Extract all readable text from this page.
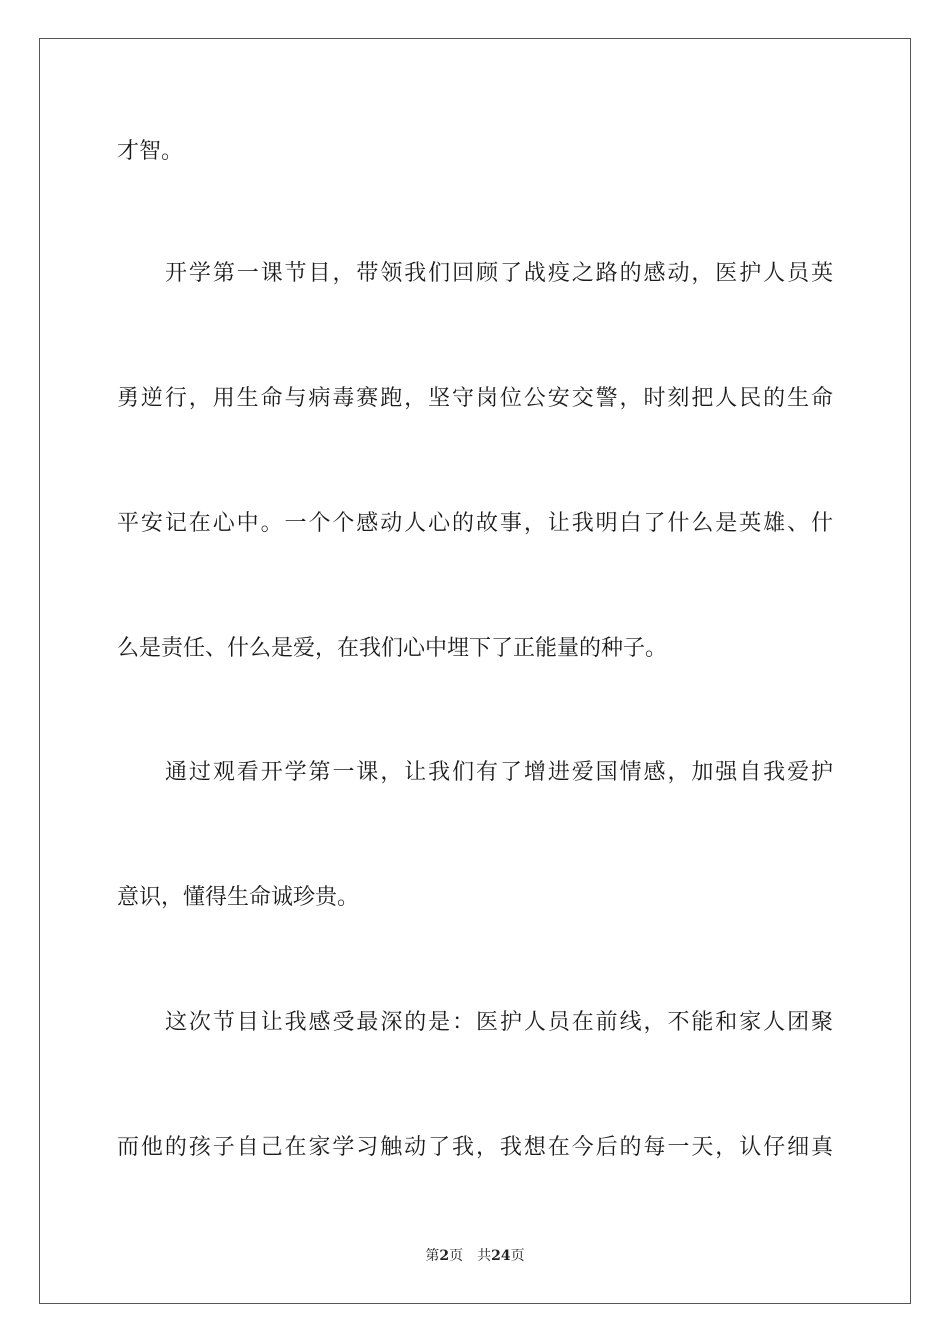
才智。
开学第一课节目，带领我们回顾了战疫之路的感动，医护人员英
勇逆行，用生命与病毒赛跑，坚守岗位公安交警，时刻把人民的生命
平安记在心中。一个个感动人心的故事，让我明白了什么是英雄、什
么是责任、什么是爱，在我们心中埋下了正能量的种子。
通过观看开学第一课，让我们有了增进爱国情感，加强自我爱护
意识，懂得生命诚珍贵。
这次节目让我感受最深的是：医护人员在前线，不能和家人团聚
而他的孩子自己在家学习触动了我，我想在今后的每一天，认仔细真
第2页 共24页
